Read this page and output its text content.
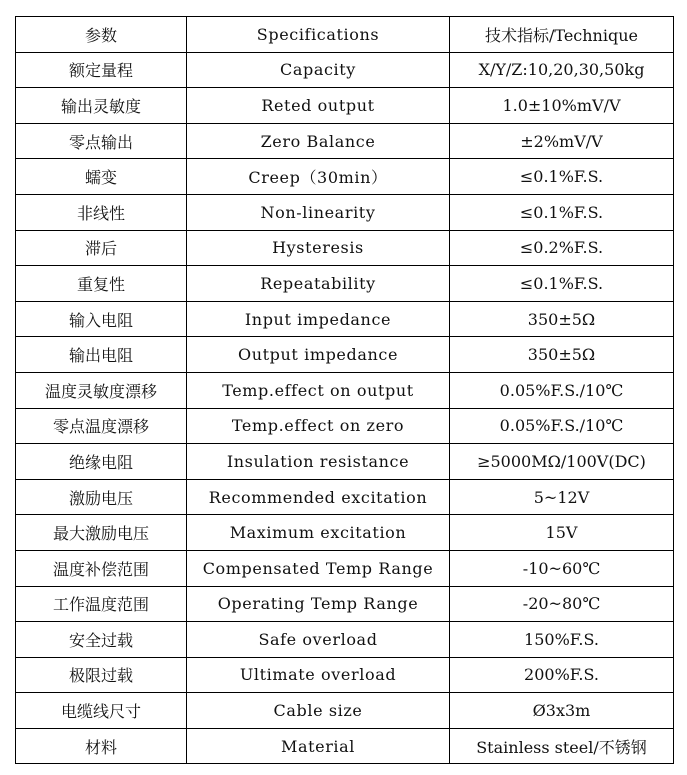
参数	Specifications	技术指标/Technique
额定量程	Capacity	X/Y/Z:10,20,30,50kg
输出灵敏度	Reted output	1.0±10%mV/V
零点输出	Zero Balance	±2%mV/V
蠕变	Creep（30min）	≤0.1%F.S.
非线性	Non-linearity	≤0.1%F.S.
滞后	Hysteresis	≤0.2%F.S.
重复性	Repeatability	≤0.1%F.S.
输入电阻	Input impedance	350±5Ω
输出电阻	Output impedance	350±5Ω
温度灵敏度漂移	Temp.effect on output	0.05%F.S./10℃
零点温度漂移	Temp.effect on zero	0.05%F.S./10℃
绝缘电阻	Insulation resistance	≥5000MΩ/100V(DC)
激励电压	Recommended excitation	5~12V
最大激励电压	Maximum excitation	15V
温度补偿范围	Compensated Temp Range	-10~60℃
工作温度范围	Operating Temp Range	-20~80℃
安全过载	Safe overload	150%F.S.
极限过载	Ultimate overload	200%F.S.
电缆线尺寸	Cable size	Ø3x3m
材料	Material	Stainless steel/不锈钢
